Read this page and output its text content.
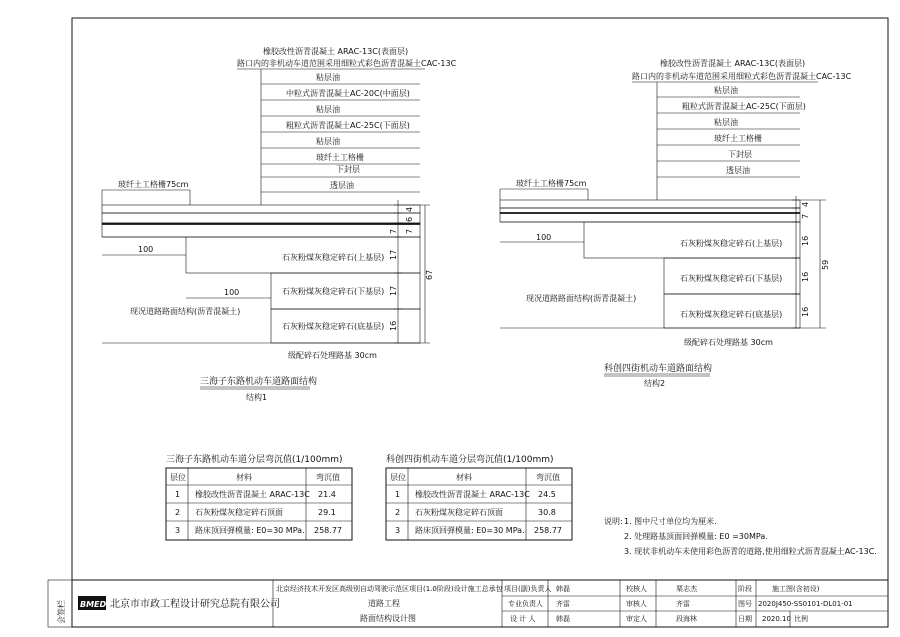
橡胶改性沥青混凝土 ARAC-13C(表面层)
路口内的非机动车道范围采用细粒式彩色沥青混凝土CAC-13C
粘层油
中粒式沥青混凝土AC-20C(中面层)
粘层油
粗粒式沥青混凝土AC-25C(下面层)
粘层油
玻纤土工格栅
下封层
透层油
玻纤土工格栅75cm
100
100
石灰粉煤灰稳定碎石(上基层)
石灰粉煤灰稳定碎石(下基层)
石灰粉煤灰稳定碎石(底基层)
现况道路路面结构(沥青混凝土)
级配碎石处理路基 30cm
4
6
7
7
17
17
16
67
三海子东路机动车道路面结构
结构1
橡胶改性沥青混凝土 ARAC-13C(表面层)
路口内的非机动车道范围采用细粒式彩色沥青混凝土CAC-13C
粘层油
粗粒式沥青混凝土AC-25C(下面层)
粘层油
玻纤土工格栅
下封层
透层油
玻纤土工格栅75cm
100
石灰粉煤灰稳定碎石(上基层)
石灰粉煤灰稳定碎石(下基层)
石灰粉煤灰稳定碎石(底基层)
现况道路路面结构(沥青混凝土)
级配碎石处理路基 30cm
4
7
16
16
16
59
科创四街机动车道路面结构
结构2
三海子东路机动车道分层弯沉值(1/100mm)
层位	材料	弯沉值
1 橡胶改性沥青混凝土 ARAC-13C 21.4
2 石灰粉煤灰稳定碎石顶面	29.1
3 路床顶回弹模量: E0=30 MPa. 258.77
科创四街机动车道分层弯沉值(1/100mm)
层位	材料	弯沉值
1 橡胶改性沥青混凝土 ARAC-13C 24.5
2 石灰粉煤灰稳定碎石顶面	30.8
3 路床顶回弹模量: E0=30 MPa. 258.77
说明: 1. 图中尺寸单位均为厘米.
2. 处理路基顶面回弹模量: E0 =30MPa.
3. 现状非机动车未使用彩色沥青的道路,使用细粒式沥青混凝土AC-13C.
会签栏 BMEDI 北京市市政工程设计研究总院有限公司
北京经济技术开发区高级别自动驾驶示范区项目(1.0阶段)设计施工总承包
道路工程
路面结构设计图
项目(副)负责人 韩磊
专业负责人 齐雷
设 计 人	韩磊
校核人	栗志杰
审核人	齐雷
审定人	段海林
阶段	施工图(含初设)
图号 2020J450-SS0101-DL01-01
日期 2020.10 比例
